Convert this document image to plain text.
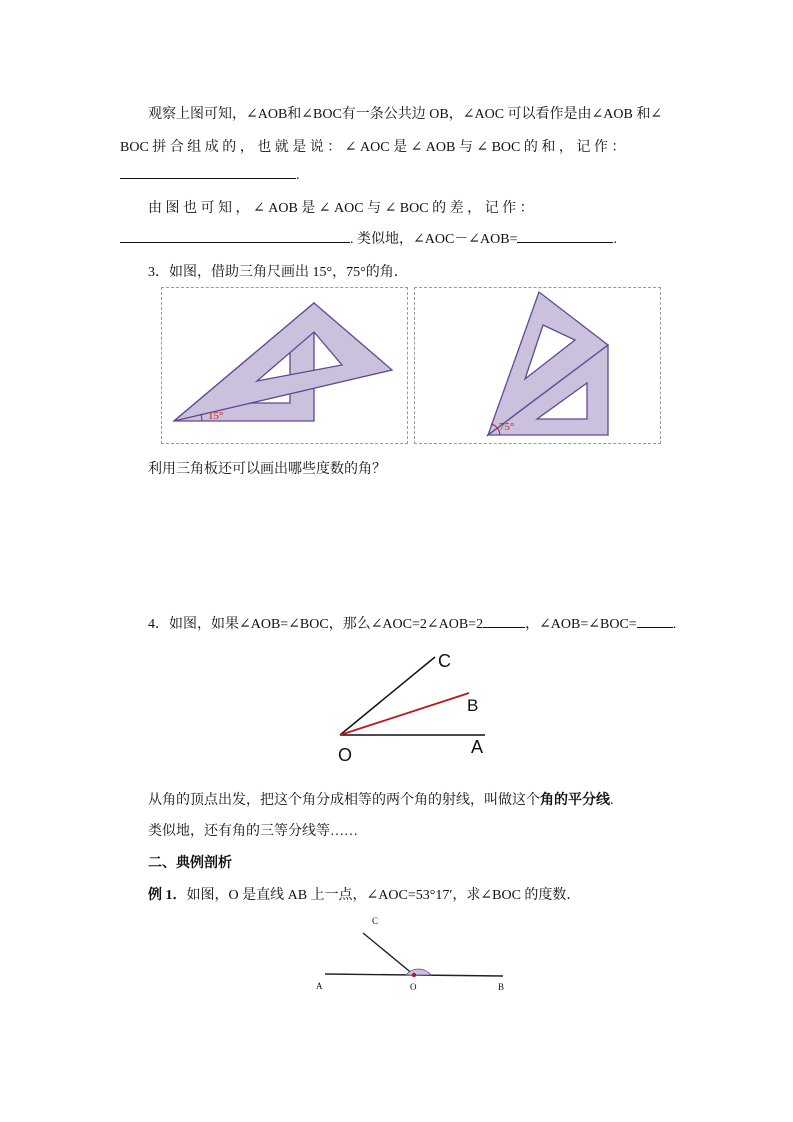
观察上图可知，∠AOB和∠BOC有一条公共边 OB，∠AOC 可以看作是由∠AOB 和∠
BOC 拼 合 组 成 的 ， 也 就 是 说 ： ∠ AOC 是 ∠ AOB 与 ∠ BOC 的 和 ， 记 作 ：
.
由 图 也 可 知 ， ∠ AOB 是 ∠ AOC 与 ∠ BOC 的 差 ， 记 作 ：
. 类似地，∠AOC－∠AOB=	.
3．如图，借助三角尺画出 15°，75°的角．
15°
75°
利用三角板还可以画出哪些度数的角？
4．如图，如果∠AOB=∠BOC，那么∠AOC=2∠AOB=2	，∠AOB=∠BOC=	.
C
B
O	A
从角的顶点出发，把这个角分成相等的两个角的射线，叫做这个角的平分线.
类似地，还有角的三等分线等……
二、典例剖析
例 1．如图，O 是直线 AB 上一点，∠AOC=53°17′，求∠BOC 的度数．
C
A	O	B
